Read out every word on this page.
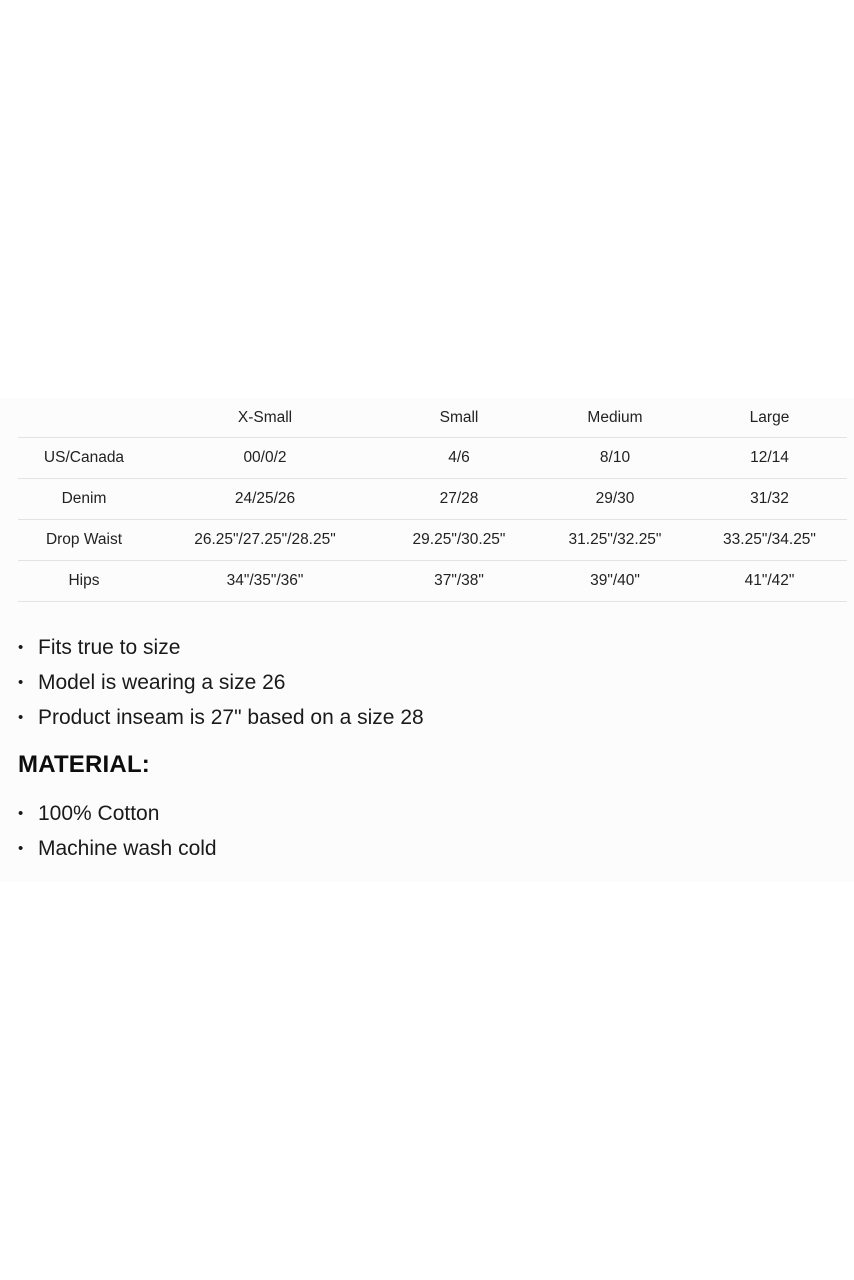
	X-Small	Small	Medium	Large
US/Canada	00/0/2	4/6	8/10	12/14
Denim	24/25/26	27/28	29/30	31/32
Drop Waist	26.25"/27.25"/28.25"	29.25"/30.25"	31.25"/32.25"	33.25"/34.25"
Hips	34"/35"/36"	37"/38"	39"/40"	41"/42"
• Fits true to size
• Model is wearing a size 26
• Product inseam is 27" based on a size 28
MATERIAL:
• 100% Cotton
• Machine wash cold
